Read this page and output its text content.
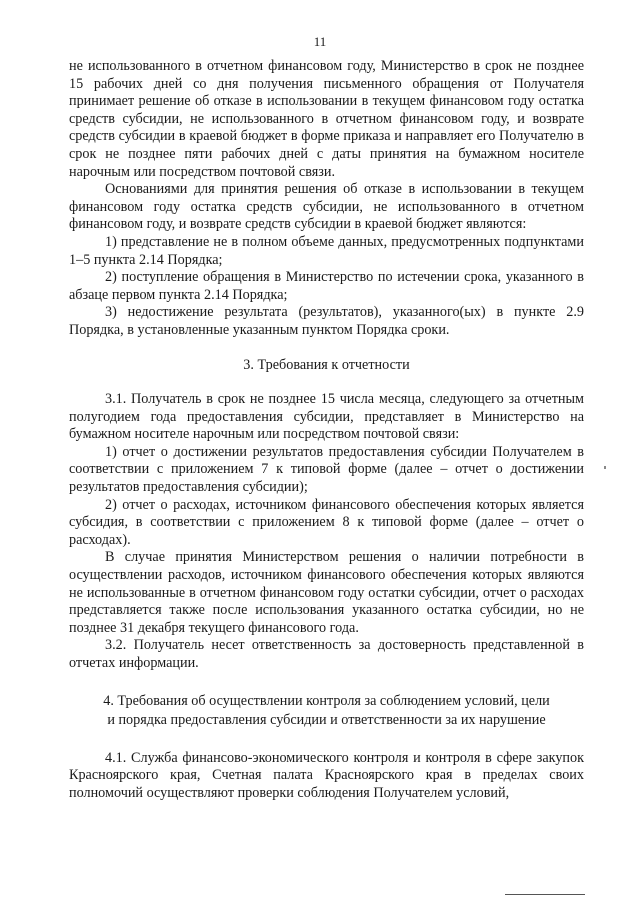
11

не использованного в отчетном финансовом году, Министерство в срок не позднее 15 рабочих дней со дня получения письменного обращения от Получателя принимает решение об отказе в использовании в текущем финансовом году остатка средств субсидии, не использованного в отчетном финансовом году, и возврате средств субсидии в краевой бюджет в форме приказа и направляет его Получателю в срок не позднее пяти рабочих дней с даты принятия на бумажном носителе нарочным или посредством почтовой связи.

Основаниями для принятия решения об отказе в использовании в текущем финансовом году остатка средств субсидии, не использованного в отчетном финансовом году, и возврате средств субсидии в краевой бюджет являются:

1) представление не в полном объеме данных, предусмотренных подпунктами 1–5 пункта 2.14 Порядка;

2) поступление обращения в Министерство по истечении срока, указанного в абзаце первом пункта 2.14 Порядка;

3) недостижение результата (результатов), указанного(ых) в пункте 2.9 Порядка, в установленные указанным пунктом Порядка сроки.

3. Требования к отчетности

3.1. Получатель в срок не позднее 15 числа месяца, следующего за отчетным полугодием года предоставления субсидии, представляет в Министерство на бумажном носителе нарочным или посредством почтовой связи:

1) отчет о достижении результатов предоставления субсидии Получателем в соответствии с приложением 7 к типовой форме (далее – отчет о достижении результатов предоставления субсидии);

2) отчет о расходах, источником финансового обеспечения которых является субсидия, в соответствии с приложением 8 к типовой форме (далее – отчет о расходах).

В случае принятия Министерством решения о наличии потребности в осуществлении расходов, источником финансового обеспечения которых являются не использованные в отчетном финансовом году остатки субсидии, отчет о расходах представляется также после использования указанного остатка субсидии, но не позднее 31 декабря текущего финансового года.

3.2. Получатель несет ответственность за достоверность представленной в отчетах информации.

4. Требования об осуществлении контроля за соблюдением условий, цели
и порядка предоставления субсидии и ответственности за их нарушение

4.1. Служба финансово-экономического контроля и контроля в сфере закупок Красноярского края, Счетная палата Красноярского края в пределах своих полномочий осуществляют проверки соблюдения Получателем условий,
